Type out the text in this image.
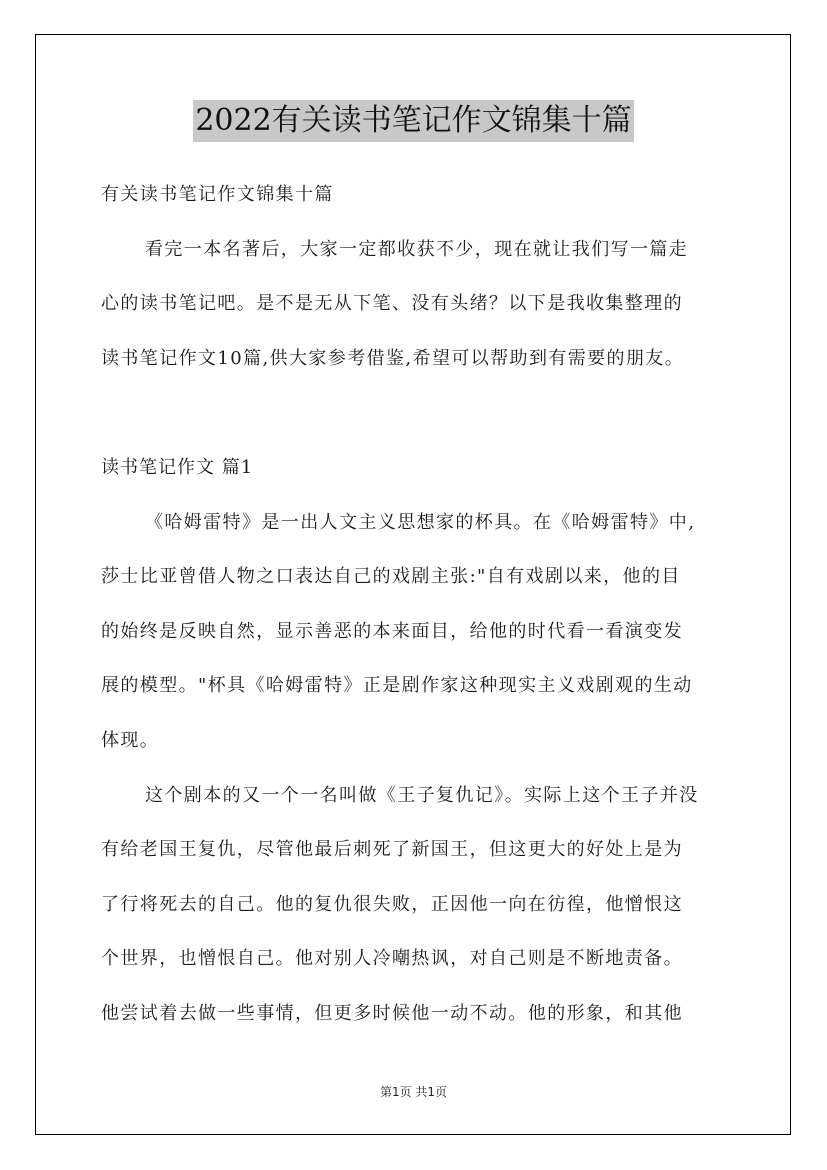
2022有关读书笔记作文锦集十篇
有关读书笔记作文锦集十篇
看完一本名著后，大家一定都收获不少，现在就让我们写一篇走
心的读书笔记吧。是不是无从下笔、没有头绪？以下是我收集整理的
读书笔记作文10篇,供大家参考借鉴,希望可以帮助到有需要的朋友。
读书笔记作文 篇1
《哈姆雷特》是一出人文主义思想家的杯具。在《哈姆雷特》中,
莎士比亚曾借人物之口表达自己的戏剧主张:"自有戏剧以来，他的目
的始终是反映自然，显示善恶的本来面目，给他的时代看一看演变发
展的模型。"杯具《哈姆雷特》正是剧作家这种现实主义戏剧观的生动
体现。
这个剧本的又一个一名叫做《王子复仇记》。实际上这个王子并没
有给老国王复仇，尽管他最后刺死了新国王，但这更大的好处上是为
了行将死去的自己。他的复仇很失败，正因他一向在彷徨，他憎恨这
个世界，也憎恨自己。他对别人冷嘲热讽，对自己则是不断地责备。
他尝试着去做一些事情，但更多时候他一动不动。他的形象，和其他
第1页 共1页
